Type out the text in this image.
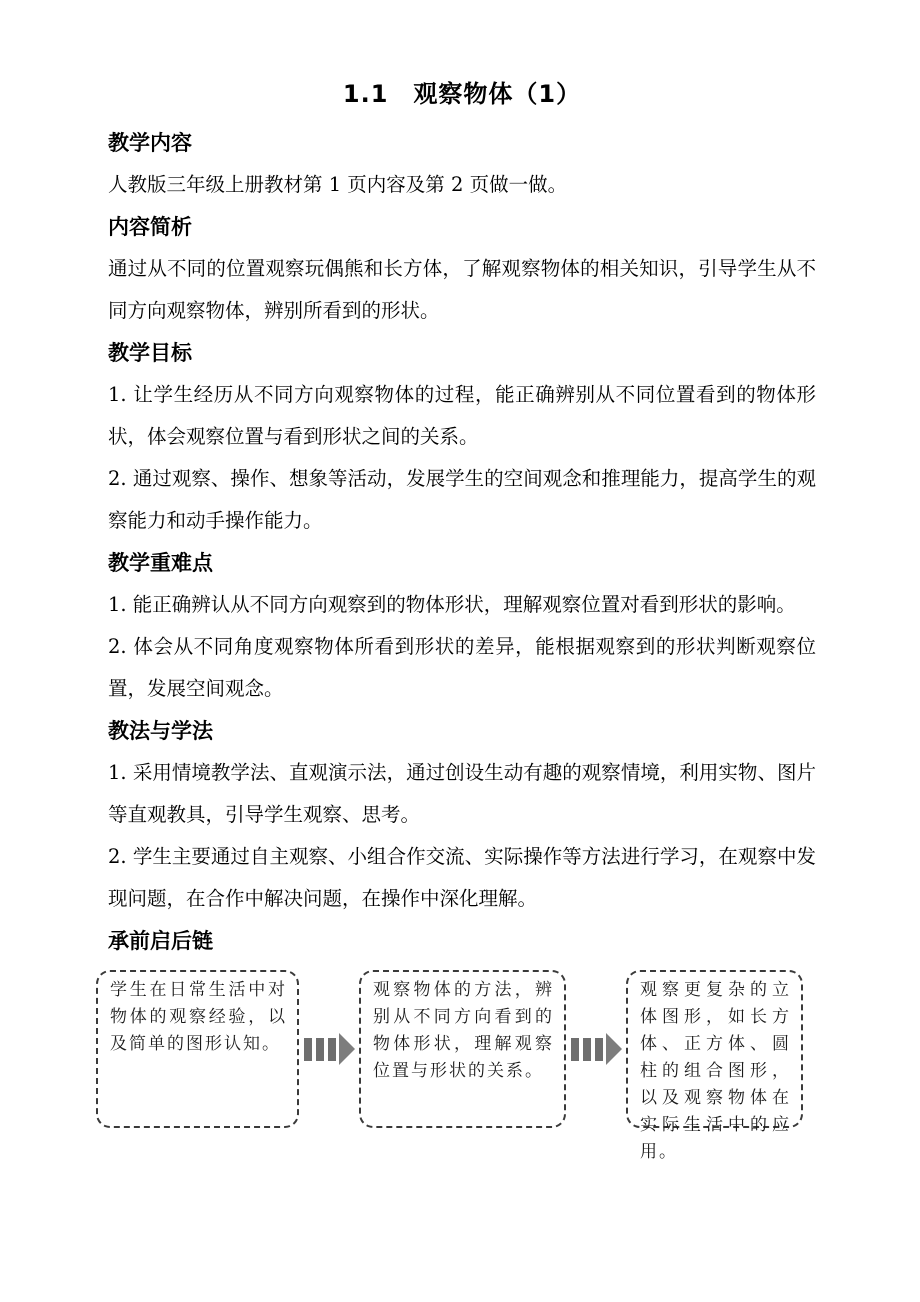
1.1　观察物体（1）
教学内容
人教版三年级上册教材第 1 页内容及第 2 页做一做。
内容简析
通过从不同的位置观察玩偶熊和长方体，了解观察物体的相关知识，引导学生从不同方向观察物体，辨别所看到的形状。
教学目标
1. 让学生经历从不同方向观察物体的过程，能正确辨别从不同位置看到的物体形状，体会观察位置与看到形状之间的关系。
2. 通过观察、操作、想象等活动，发展学生的空间观念和推理能力，提高学生的观察能力和动手操作能力。
教学重难点
1. 能正确辨认从不同方向观察到的物体形状，理解观察位置对看到形状的影响。
2. 体会从不同角度观察物体所看到形状的差异，能根据观察到的形状判断观察位置，发展空间观念。
教法与学法
1. 采用情境教学法、直观演示法，通过创设生动有趣的观察情境，利用实物、图片等直观教具，引导学生观察、思考。
2. 学生主要通过自主观察、小组合作交流、实际操作等方法进行学习，在观察中发现问题，在合作中解决问题，在操作中深化理解。
承前启后链
学生在日常生活中对物体的观察经验，以及简单的图形认知。
观察物体的方法，辨别从不同方向看到的物体形状，理解观察位置与形状的关系。
观察更复杂的立体图形，如长方体、正方体、圆柱的组合图形，以及观察物体在实际生活中的应用。
